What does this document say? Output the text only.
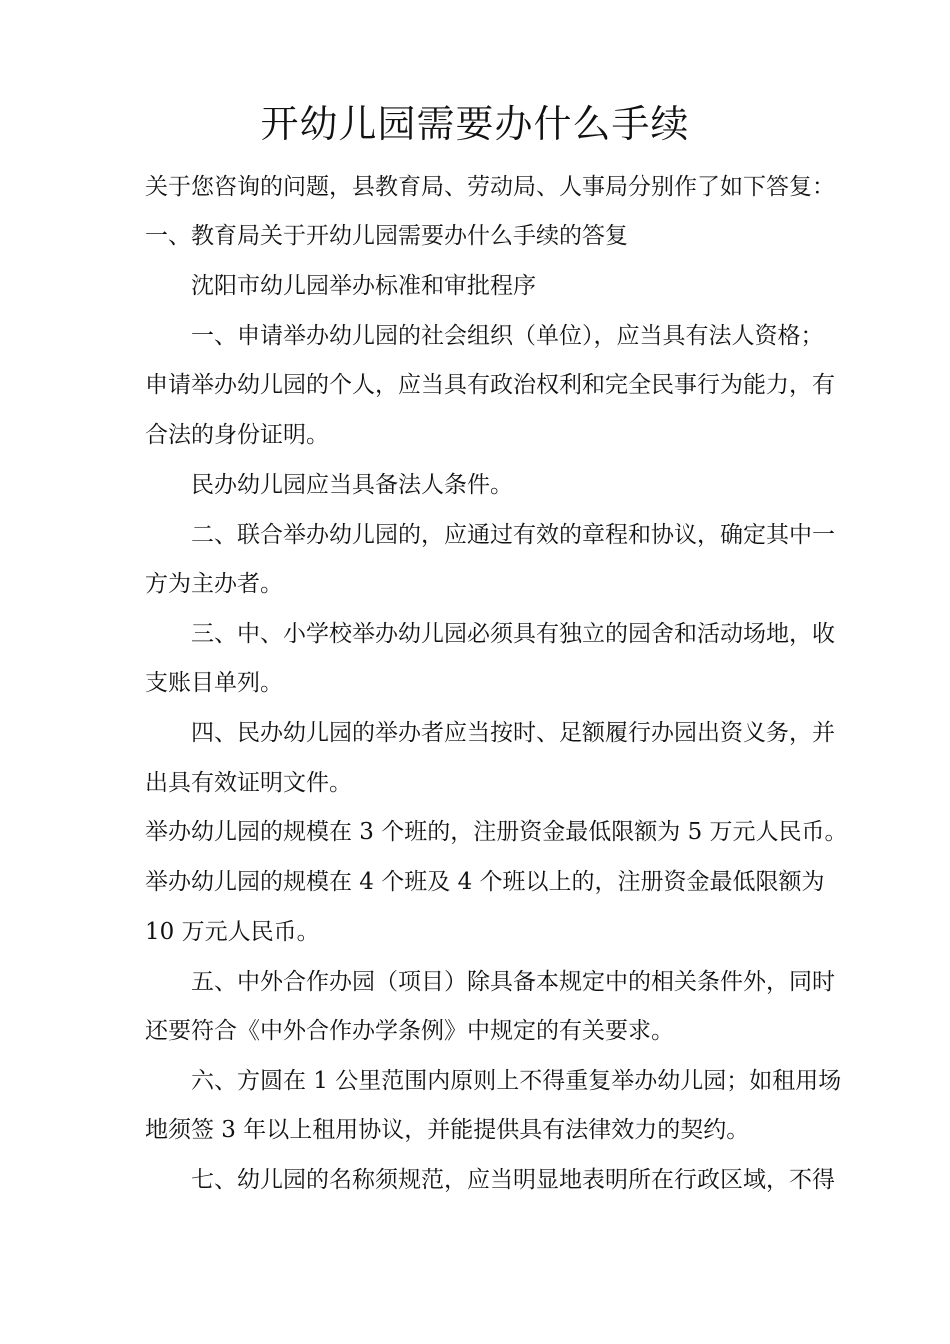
开幼儿园需要办什么手续
关于您咨询的问题，县教育局、劳动局、人事局分别作了如下答复：
一、教育局关于开幼儿园需要办什么手续的答复
沈阳市幼儿园举办标准和审批程序
一、申请举办幼儿园的社会组织（单位），应当具有法人资格；
申请举办幼儿园的个人，应当具有政治权利和完全民事行为能力，有
合法的身份证明。
民办幼儿园应当具备法人条件。
二、联合举办幼儿园的，应通过有效的章程和协议，确定其中一
方为主办者。
三、中、小学校举办幼儿园必须具有独立的园舍和活动场地，收
支账目单列。
四、民办幼儿园的举办者应当按时、足额履行办园出资义务，并
出具有效证明文件。
举办幼儿园的规模在 3 个班的，注册资金最低限额为 5 万元人民币。
举办幼儿园的规模在 4 个班及 4 个班以上的，注册资金最低限额为
10 万元人民币。
五、中外合作办园（项目）除具备本规定中的相关条件外，同时
还要符合《中外合作办学条例》中规定的有关要求。
六、方圆在 1 公里范围内原则上不得重复举办幼儿园；如租用场
地须签 3 年以上租用协议，并能提供具有法律效力的契约。
七、幼儿园的名称须规范，应当明显地表明所在行政区域，不得
